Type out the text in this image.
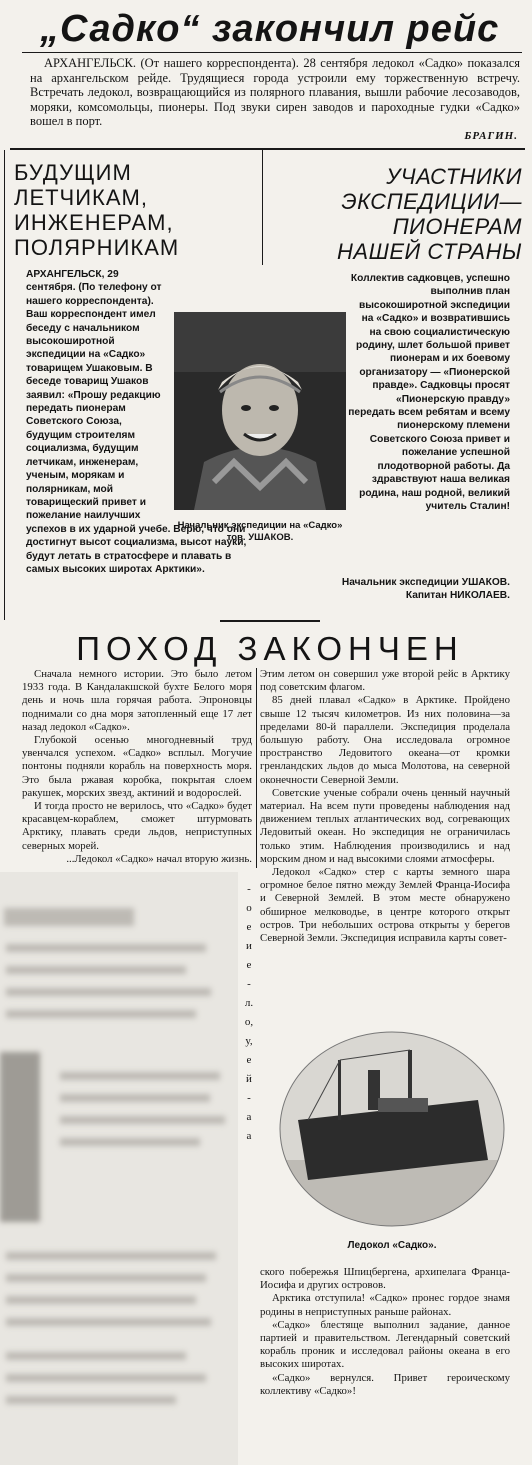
„Садко“ закончил рейс
АРХАНГЕЛЬСК. (От нашего корреспондента). 28 сентября ледокол «Садко» показался на архангельском рейде. Трудящиеся города устроили ему торжественную встречу. Встречать ледокол, возвращающийся из полярного плавания, вышли рабочие лесозаводов, моряки, комсомольцы, пионеры. Под звуки сирен заводов и пароходные гудки «Садко» вошел в порт.
БРАГИН.
БУДУЩИМ
ЛЕТЧИКАМ,
ИНЖЕНЕРАМ,
ПОЛЯРНИКАМ
УЧАСТНИКИ
ЭКСПЕДИЦИИ—
ПИОНЕРАМ
НАШЕЙ СТРАНЫ
АРХАНГЕЛЬСК, 29 сентября. (По телефону от нашего корреспондента). Ваш корреспондент имел беседу с начальником высокоширотной экспедиции на «Садко» товарищем Ушаковым. В беседе товарищ Ушаков заявил: «Прошу редакцию передать пионерам Советского Союза, будущим строителям социализма, будущим летчикам, инженерам, ученым, морякам и полярникам, мой товарищеский привет и пожелание наилучших успехов в их ударной учебе. Верю, что они достигнут высот социализма, высот науки, будут летать в стратосфере и плавать в самых высоких широтах Арктики».
Начальник экспедиции на «Садко» тов. УШАКОВ.
Коллектив садковцев, успешно выполнив план высокоширотной экспедиции на «Садко» и возвратившись на свою социалистическую родину, шлет большой привет пионерам и их боевому организатору — «Пионерской правде». Садковцы просят «Пионерскую правду» передать всем ребятам и всему пионерскому племени Советского Союза привет и пожелание успешной плодотворной работы. Да здравствуют наша великая родина, наш родной, великий учитель Сталин!
Начальник экспедиции УШАКОВ.
Капитан НИКОЛАЕВ.
ПОХОД ЗАКОНЧЕН

Сначала немного истории. Это было летом 1933 года. В Кандалакшской бухте Белого моря день и ночь шла горячая работа. Эпроновцы поднимали со дна моря затопленный еще 17 лет назад ледокол «Садко».

Глубокой осенью многодневный труд увенчался успехом. «Садко» всплыл. Могучие понтоны подняли корабль на поверхность моря. Это была ржавая коробка, покрытая слоем ракушек, морских звезд, актиний и водорослей.

И тогда просто не верилось, что «Садко» будет красавцем-кораблем, сможет штурмовать Арктику, плавать среди льдов, неприступных северных морей.

...Ледокол «Садко» начал вторую жизнь.

Этим летом он совершил уже второй рейс в Арктику под советским флагом.

85 дней плавал «Садко» в Арктике. Пройдено свыше 12 тысяч километров. Из них половина—за пределами 80-й параллели. Экспедиция проделала большую работу. Она исследовала огромное пространство Ледовитого океана—от кромки гренландских льдов до мыса Молотова, на северной оконечности Северной Земли.

Советские ученые собрали очень ценный научный материал. На всем пути проведены наблюдения над движением теплых атлантических вод, согревающих Ледовитый океан. Но экспедиция не ограничилась только этим. Наблюдения производились и над морским дном и над высокими слоями атмосферы.

Ледокол «Садко» стер с карты земного шара огромное белое пятно между Землей Франца-Иосифа и Северной Землей. В этом месте обнаружено обширное мелководье, в центре которого открыт остров. Три небольших острова открыты у берегов Северной Земли. Экспедиция исправила карты совет-

-
о
е
и
е
-
л.
о,
у,
е
й
-
а
а
Ледокол «Садко».

ского побережья Шпицбергена, архипелага Франца-Иосифа и других островов.

Арктика отступила! «Садко» пронес гордое знамя родины в неприступных раньше районах.

«Садко» блестяще выполнил задание, данное партией и правительством. Легендарный советский корабль проник и исследовал районы океана в его высоких широтах.

«Садко» вернулся. Привет героическому коллективу «Садко»!
